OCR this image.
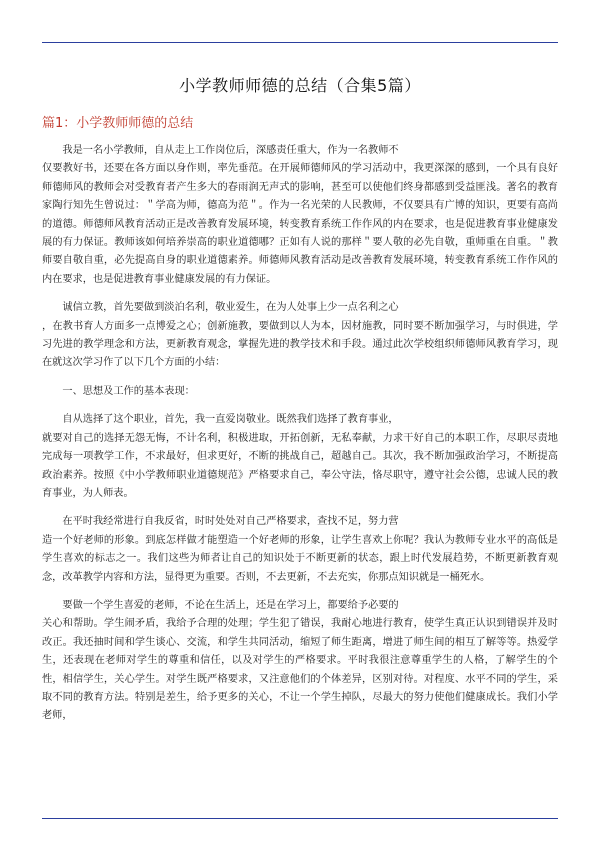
小学教师师德的总结（合集5篇）
篇1：小学教师师德的总结

我是一名小学教师，自从走上工作岗位后，深感责任重大，作为一名教师不
仅要教好书，还要在各方面以身作则，率先垂范。在开展师德师风的学习活动中，我更深深的感到，一个具有良好师德师风的教师会对受教育者产生多大的春雨润无声式的影响，甚至可以使他们终身都感到受益匪浅。著名的教育家陶行知先生曾说过：＂学高为师，德高为范＂。作为一名光荣的人民教师，不仅要具有广博的知识，更要有高尚的道德。师德师风教育活动正是改善教育发展环境，转变教育系统工作作风的内在要求，也是促进教育事业健康发展的有力保证。教师该如何培养崇高的职业道德哪？正如有人说的那样＂要人敬的必先自敬，重师重在自重。＂教师要自敬自重，必先提高自身的职业道德素养。师德师风教育活动是改善教育发展环境，转变教育系统工作作风的内在要求，也是促进教育事业健康发展的有力保证。

诚信立教，首先要做到淡泊名利，敬业爱生，在为人处事上少一点名利之心
，在教书育人方面多一点博爱之心；创新施教，要做到以人为本，因材施教，同时要不断加强学习，与时俱进，学习先进的教学理念和方法，更新教育观念，掌握先进的教学技术和手段。通过此次学校组织师德师风教育学习，现在就这次学习作了以下几个方面的小结：

一、思想及工作的基本表现：

自从选择了这个职业，首先，我一直爱岗敬业。既然我们选择了教育事业，
就要对自己的选择无怨无悔，不计名利，积极进取，开拓创新，无私奉献，力求干好自己的本职工作，尽职尽责地完成每一项教学工作，不求最好，但求更好，不断的挑战自己，超越自己。其次，我不断加强政治学习，不断提高政治素养。按照《中小学教师职业道德规范》严格要求自己，奉公守法，恪尽职守，遵守社会公德，忠诚人民的教育事业，为人师表。

在平时我经常进行自我反省，时时处处对自己严格要求，查找不足，努力营
造一个好老师的形象。到底怎样做才能塑造一个好老师的形象，让学生喜欢上你呢？我认为教师专业水平的高低是学生喜欢的标志之一。我们这些为师者让自己的知识处于不断更新的状态，跟上时代发展趋势，不断更新教育观念，改革教学内容和方法，显得更为重要。否则，不去更新，不去充实，你那点知识就是一桶死水。

要做一个学生喜爱的老师，不论在生活上，还是在学习上，都要给予必要的
关心和帮助。学生闹矛盾，我给予合理的处理；学生犯了错误，我耐心地进行教育，使学生真正认识到错误并及时改正。我还抽时间和学生谈心、交流，和学生共同活动，缩短了师生距离，增进了师生间的相互了解等等。热爱学生，还表现在老师对学生的尊重和信任，以及对学生的严格要求。平时我很注意尊重学生的人格，了解学生的个性，相信学生，关心学生。对学生既严格要求，又注意他们的个体差异，区别对待。对程度、水平不同的学生，采取不同的教育方法。特别是差生，给予更多的关心，不让一个学生掉队，尽最大的努力使他们健康成长。我们小学老师，
